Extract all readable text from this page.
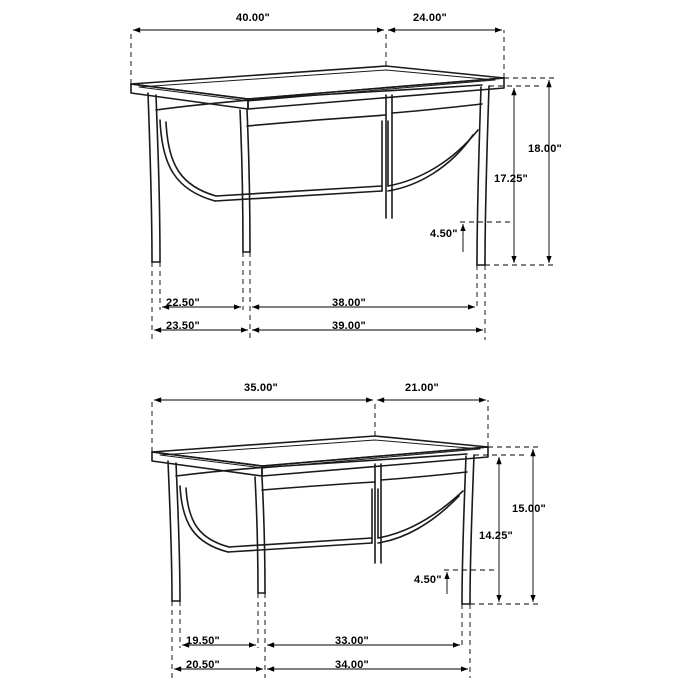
40.00"	24.00"
18.00"
17.25"
4.50"
22.50"	38.00"
23.50"	39.00"
35.00"	21.00"
15.00"
14.25"
4.50"
19.50"	33.00"
20.50"	34.00"
